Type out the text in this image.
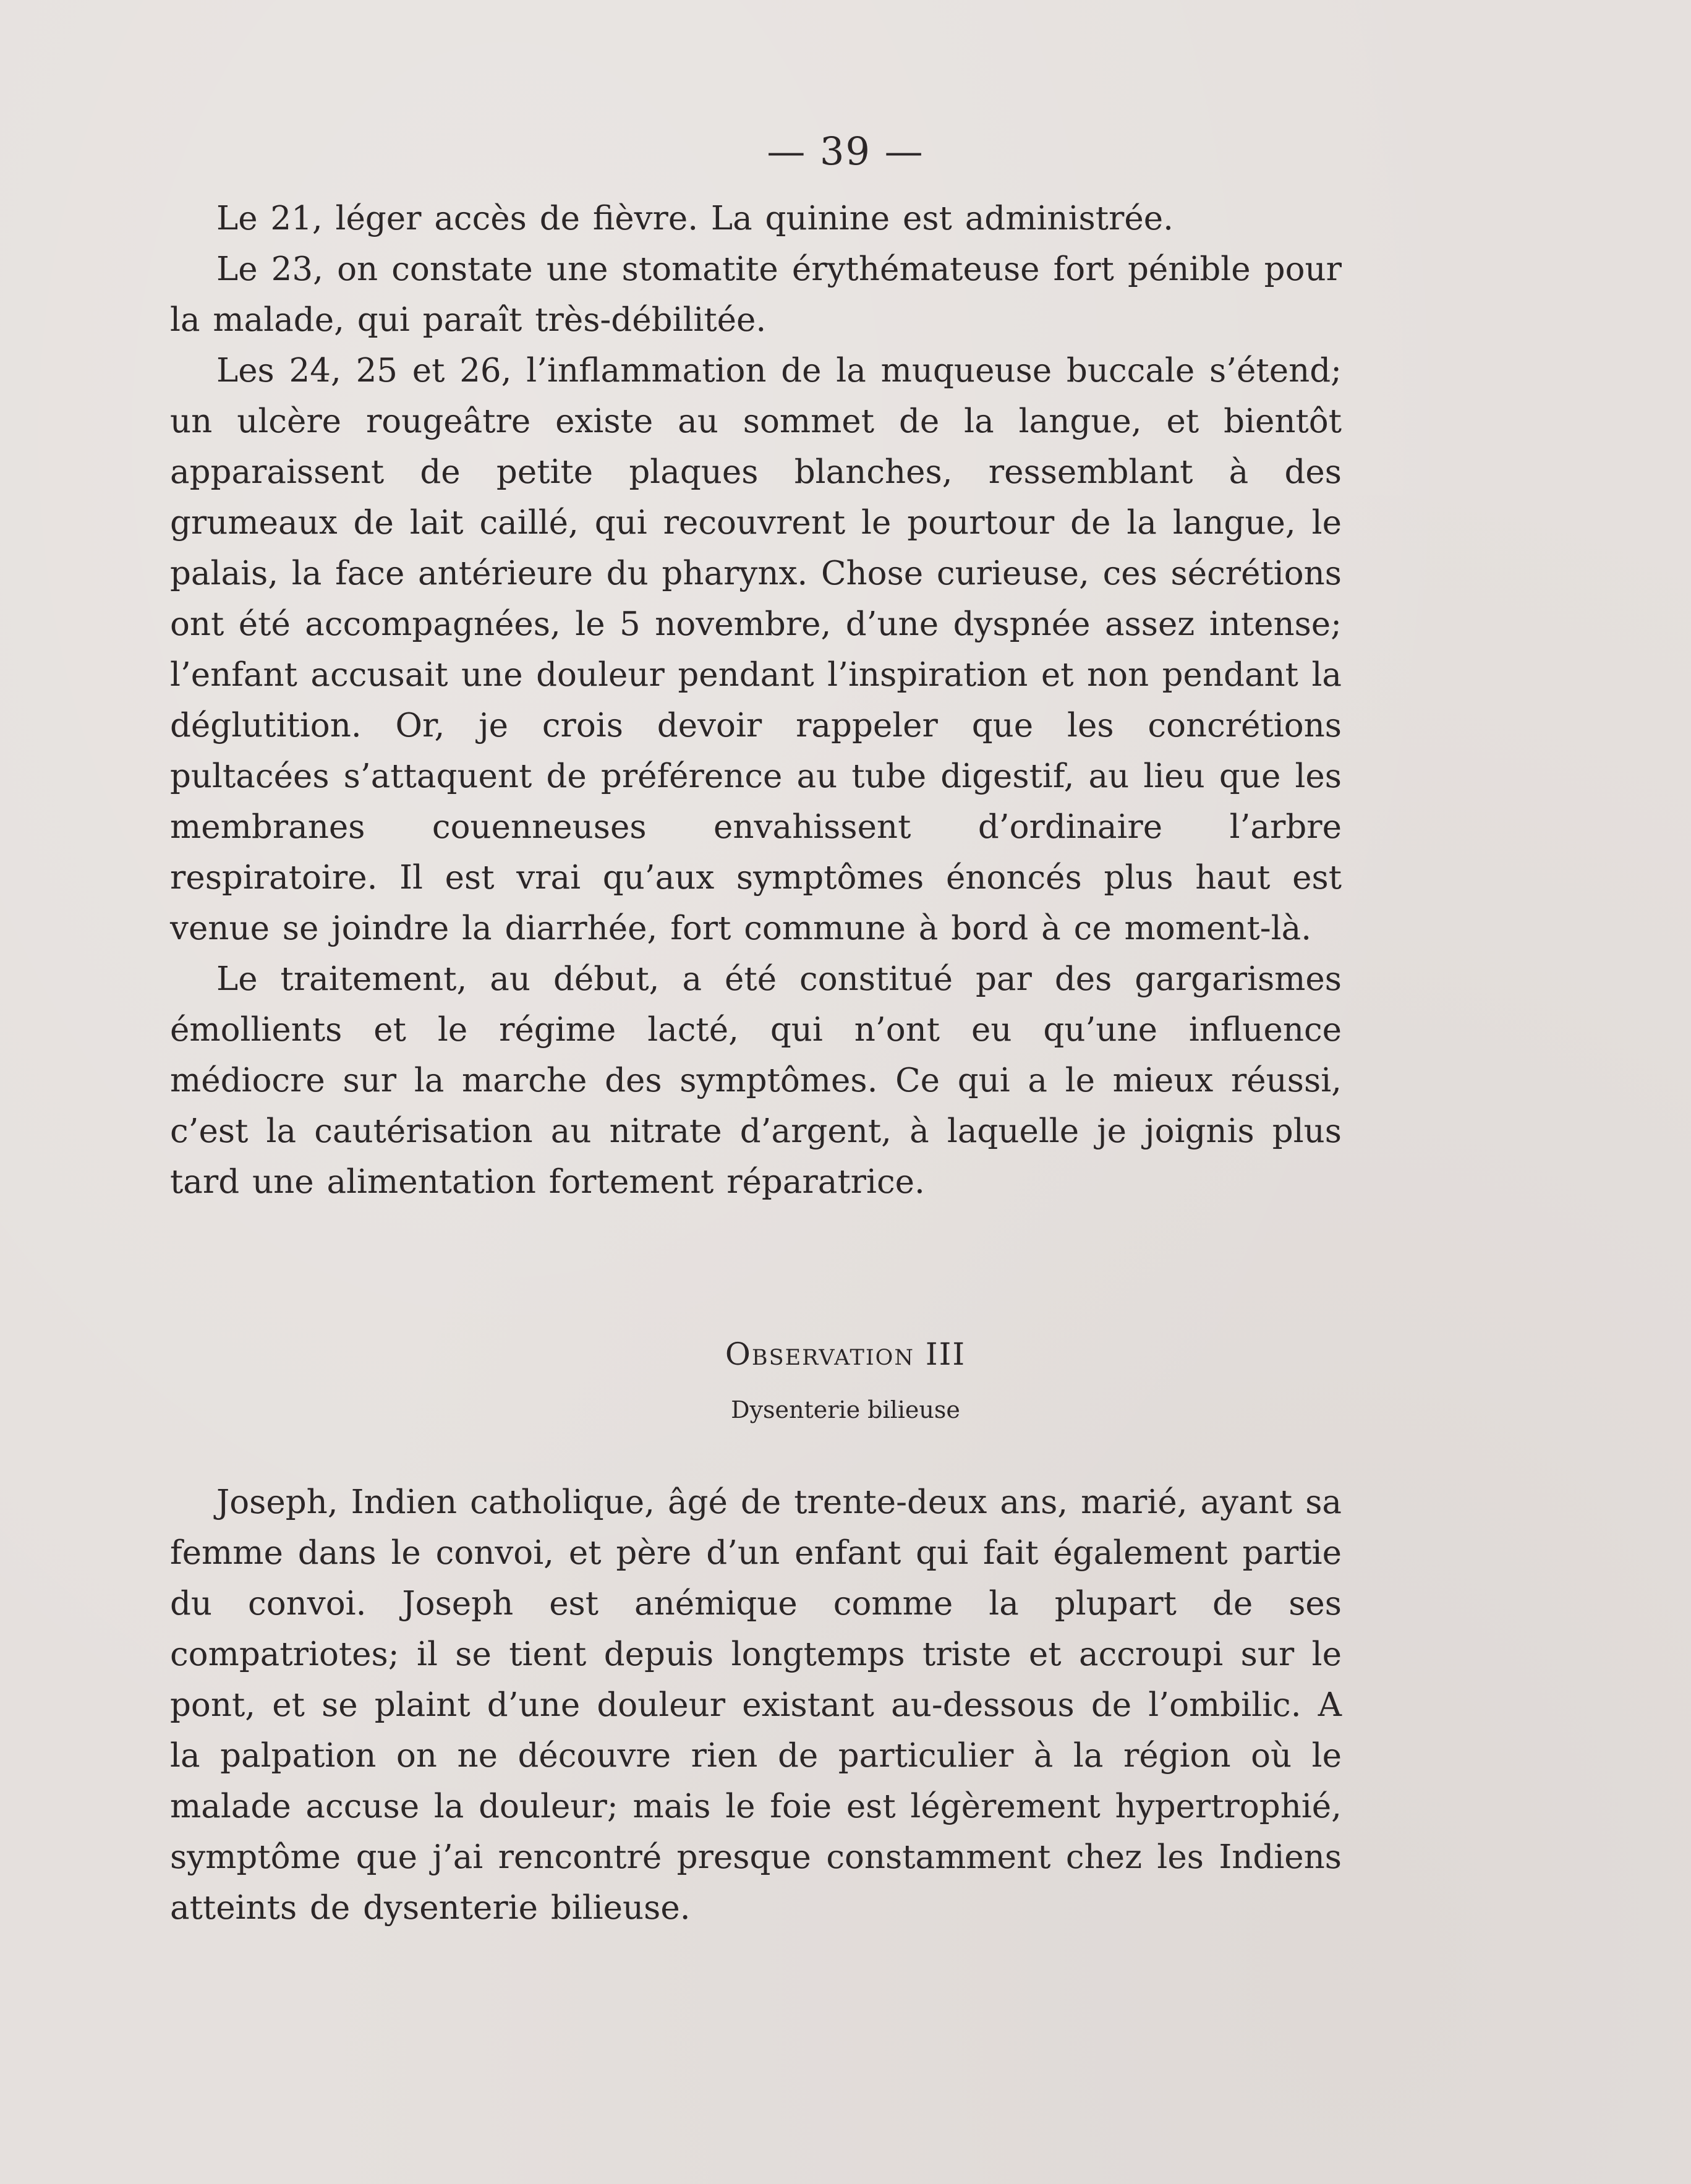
— 39 —

Le 21, léger accès de fièvre. La quinine est administrée.

Le 23, on constate une stomatite érythémateuse fort pénible pour la malade, qui paraît très-débilitée.

Les 24, 25 et 26, l’inflammation de la muqueuse buccale s’étend; un ulcère rougeâtre existe au sommet de la langue, et bientôt apparaissent de petite plaques blanches, ressemblant à des grumeaux de lait caillé, qui recouvrent le pourtour de la langue, le palais, la face antérieure du pharynx. Chose curieuse, ces sécrétions ont été accompagnées, le 5 novembre, d’une dyspnée assez intense; l’enfant accusait une douleur pendant l’inspiration et non pendant la déglutition. Or, je crois devoir rappeler que les concrétions pultacées s’attaquent de préférence au tube digestif, au lieu que les membranes couenneuses envahissent d’ordinaire l’arbre respiratoire. Il est vrai qu’aux symptômes énoncés plus haut est venue se joindre la diarrhée, fort commune à bord à ce moment-là.

Le traitement, au début, a été constitué par des gargarismes émollients et le régime lacté, qui n’ont eu qu’une influence médiocre sur la marche des symptômes. Ce qui a le mieux réussi, c’est la cautérisation au nitrate d’argent, à laquelle je joignis plus tard une alimentation fortement réparatrice.

Observation III
Dysenterie bilieuse

Joseph, Indien catholique, âgé de trente-deux ans, marié, ayant sa femme dans le convoi, et père d’un enfant qui fait également partie du convoi. Joseph est anémique comme la plupart de ses compatriotes; il se tient depuis longtemps triste et accroupi sur le pont, et se plaint d’une douleur existant au-dessous de l’ombilic. A la palpation on ne découvre rien de particulier à la région où le malade accuse la douleur; mais le foie est légèrement hypertrophié, symptôme que j’ai rencontré presque constamment chez les Indiens atteints de dysenterie bilieuse.
